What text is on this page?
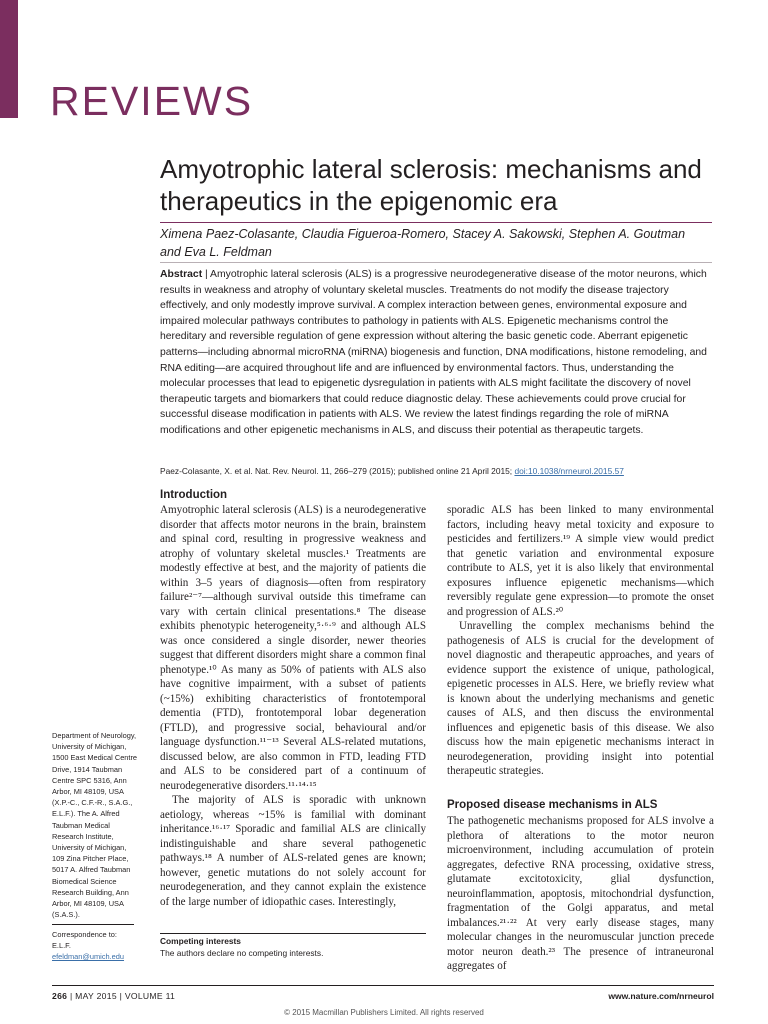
REVIEWS
Amyotrophic lateral sclerosis: mechanisms and therapeutics in the epigenomic era
Ximena Paez-Colasante, Claudia Figueroa-Romero, Stacey A. Sakowski, Stephen A. Goutman
and Eva L. Feldman
Abstract | Amyotrophic lateral sclerosis (ALS) is a progressive neurodegenerative disease of the motor neurons, which results in weakness and atrophy of voluntary skeletal muscles. Treatments do not modify the disease trajectory effectively, and only modestly improve survival. A complex interaction between genes, environmental exposure and impaired molecular pathways contributes to pathology in patients with ALS. Epigenetic mechanisms control the hereditary and reversible regulation of gene expression without altering the basic genetic code. Aberrant epigenetic patterns—including abnormal microRNA (miRNA) biogenesis and function, DNA modifications, histone remodeling, and RNA editing—are acquired throughout life and are influenced by environmental factors. Thus, understanding the molecular processes that lead to epigenetic dysregulation in patients with ALS might facilitate the discovery of novel therapeutic targets and biomarkers that could reduce diagnostic delay. These achievements could prove crucial for successful disease modification in patients with ALS. We review the latest findings regarding the role of miRNA modifications and other epigenetic mechanisms in ALS, and discuss their potential as therapeutic targets.
Paez-Colasante, X. et al. Nat. Rev. Neurol. 11, 266–279 (2015); published online 21 April 2015; doi:10.1038/nrneurol.2015.57
Introduction

Amyotrophic lateral sclerosis (ALS) is a neurodegenerative disorder that affects motor neurons in the brain, brainstem and spinal cord, resulting in progressive weakness and atrophy of voluntary skeletal muscles.¹ Treatments are modestly effective at best, and the majority of patients die within 3–5 years of diagnosis—often from respiratory failure²⁻⁷—although survival outside this timeframe can vary with certain clinical presentations.⁸ The disease exhibits phenotypic heterogeneity,⁵·⁶·⁹ and although ALS was once considered a single disorder, newer theories suggest that different disorders might share a common final phenotype.¹⁰ As many as 50% of patients with ALS also have cognitive impairment, with a subset of patients (~15%) exhibiting characteristics of frontotemporal dementia (FTD), frontotemporal lobar degeneration (FTLD), and progressive social, behavioural and/or language dysfunction.¹¹⁻¹³ Several ALS-related mutations, discussed below, are also common in FTD, leading FTD and ALS to be considered part of a continuum of neurodegenerative disorders.¹¹·¹⁴·¹⁵

The majority of ALS is sporadic with unknown aetiology, whereas ~15% is familial with dominant inheritance.¹⁶·¹⁷ Sporadic and familial ALS are clinically indistinguishable and share several pathogenetic pathways.¹⁸ A number of ALS-related genes are known; however, genetic mutations do not solely account for neurodegeneration, and they cannot explain the existence of the large number of idiopathic cases. Interestingly,

sporadic ALS has been linked to many environmental factors, including heavy metal toxicity and exposure to pesticides and fertilizers.¹⁹ A simple view would predict that genetic variation and environmental exposure contribute to ALS, yet it is also likely that environmental exposures influence epigenetic mechanisms—which reversibly regulate gene expression—to promote the onset and progression of ALS.²⁰

Unravelling the complex mechanisms behind the pathogenesis of ALS is crucial for the development of novel diagnostic and therapeutic approaches, and years of evidence support the existence of unique, pathological, epigenetic processes in ALS. Here, we briefly review what is known about the underlying mechanisms and genetic causes of ALS, and then discuss the environmental influences and epigenetic basis of this disease. We also discuss how the main epigenetic mechanisms interact in neurodegeneration, providing insight into potential therapeutic strategies.

Proposed disease mechanisms in ALS

The pathogenetic mechanisms proposed for ALS involve a plethora of alterations to the motor neuron microenvironment, including accumulation of protein aggregates, defective RNA processing, oxidative stress, glutamate excitotoxicity, glial dysfunction, neuroinflammation, apoptosis, mitochondrial dysfunction, fragmentation of the Golgi apparatus, and metal imbalances.²¹·²² At very early disease stages, many molecular changes in the neuromuscular junction precede motor neuron death.²³ The presence of intraneuronal aggregates of

Department of Neurology, University of Michigan, 1500 East Medical Centre Drive, 1914 Taubman Centre SPC 5316, Ann Arbor, MI 48109, USA (X.P.-C., C.F.-R., S.A.G., E.L.F.). The A. Alfred Taubman Medical Research Institute, University of Michigan, 109 Zina Pitcher Place, 5017 A. Alfred Taubman Biomedical Science Research Building, Ann Arbor, MI 48109, USA (S.A.S.).
Correspondence to:
E.L.F.
efeldman@umich.edu
Competing interests
The authors declare no competing interests.
266 | MAY 2015 | VOLUME 11	www.nature.com/nrneurol
© 2015 Macmillan Publishers Limited. All rights reserved
